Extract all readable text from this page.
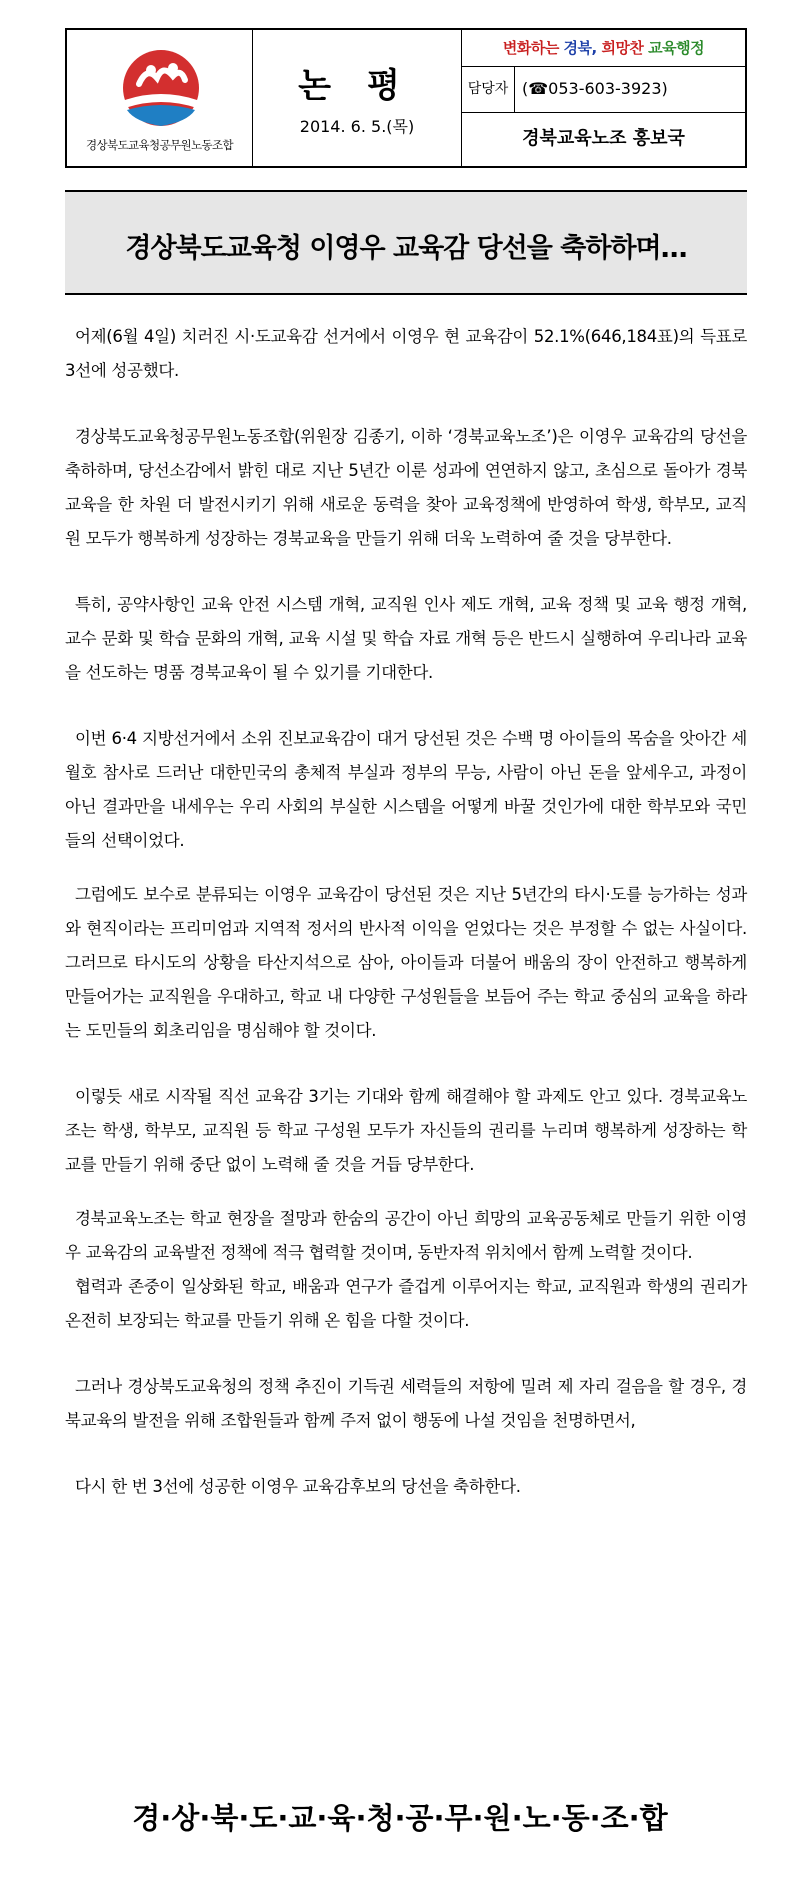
경상북도교육청공무원노동조합
논평
2014. 6. 5.(목)
변화하는 경북, 희망찬 교육행정
담당자 (☎053-603-3923)
경북교육노조 홍보국
경상북도교육청 이영우 교육감 당선을 축하하며…

어제(6월 4일) 치러진 시·도교육감 선거에서 이영우 현 교육감이 52.1%(646,184표)의 득표로 3선에 성공했다.

경상북도교육청공무원노동조합(위원장 김종기, 이하 ‘경북교육노조’)은 이영우 교육감의 당선을 축하하며, 당선소감에서 밝힌 대로 지난 5년간 이룬 성과에 연연하지 않고, 초심으로 돌아가 경북교육을 한 차원 더 발전시키기 위해 새로운 동력을 찾아 교육정책에 반영하여 학생, 학부모, 교직원 모두가 행복하게 성장하는 경북교육을 만들기 위해 더욱 노력하여 줄 것을 당부한다.

특히, 공약사항인 교육 안전 시스템 개혁, 교직원 인사 제도 개혁, 교육 정책 및 교육 행정 개혁, 교수 문화 및 학습 문화의 개혁, 교육 시설 및 학습 자료 개혁 등은 반드시 실행하여 우리나라 교육을 선도하는 명품 경북교육이 될 수 있기를 기대한다.

이번 6·4 지방선거에서 소위 진보교육감이 대거 당선된 것은 수백 명 아이들의 목숨을 앗아간 세월호 참사로 드러난 대한민국의 총체적 부실과 정부의 무능, 사람이 아닌 돈을 앞세우고, 과정이 아닌 결과만을 내세우는 우리 사회의 부실한 시스템을 어떻게 바꿀 것인가에 대한 학부모와 국민들의 선택이었다.

그럼에도 보수로 분류되는 이영우 교육감이 당선된 것은 지난 5년간의 타시·도를 능가하는 성과와 현직이라는 프리미엄과 지역적 정서의 반사적 이익을 얻었다는 것은 부정할 수 없는 사실이다. 그러므로 타시도의 상황을 타산지석으로 삼아, 아이들과 더불어 배움의 장이 안전하고 행복하게 만들어가는 교직원을 우대하고, 학교 내 다양한 구성원들을 보듬어 주는 학교 중심의 교육을 하라는 도민들의 회초리임을 명심해야 할 것이다.

이렇듯 새로 시작될 직선 교육감 3기는 기대와 함께 해결해야 할 과제도 안고 있다. 경북교육노조는 학생, 학부모, 교직원 등 학교 구성원 모두가 자신들의 권리를 누리며 행복하게 성장하는 학교를 만들기 위해 중단 없이 노력해 줄 것을 거듭 당부한다.

경북교육노조는 학교 현장을 절망과 한숨의 공간이 아닌 희망의 교육공동체로 만들기 위한 이영우 교육감의 교육발전 정책에 적극 협력할 것이며, 동반자적 위치에서 함께 노력할 것이다.

협력과 존중이 일상화된 학교, 배움과 연구가 즐겁게 이루어지는 학교, 교직원과 학생의 권리가 온전히 보장되는 학교를 만들기 위해 온 힘을 다할 것이다.

그러나 경상북도교육청의 정책 추진이 기득권 세력들의 저항에 밀려 제 자리 걸음을 할 경우, 경북교육의 발전을 위해 조합원들과 함께 주저 없이 행동에 나설 것임을 천명하면서,

다시 한 번 3선에 성공한 이영우 교육감후보의 당선을 축하한다.

경·상·북·도·교·육·청·공·무·원·노·동·조·합
